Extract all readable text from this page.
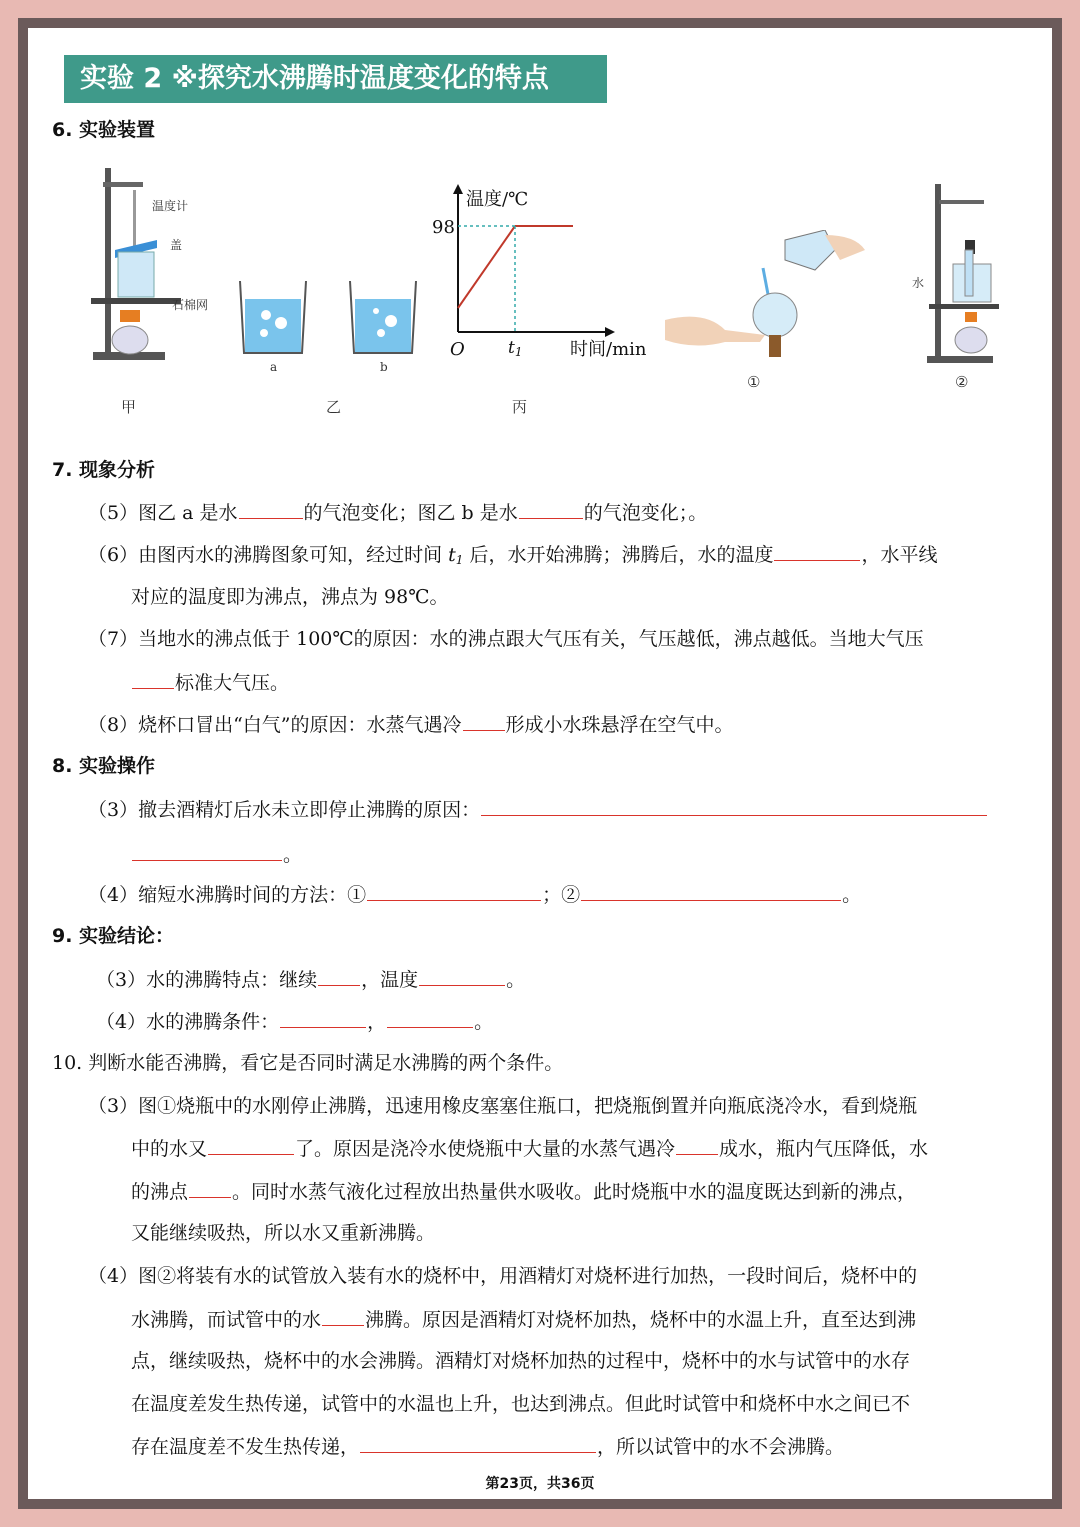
实验 2 ※探究水沸腾时温度变化的特点
6. 实验装置
温度计
盖
石棉网
甲
a	b
乙
温度/℃
98
O	$t_1$	时间/min
丙
①
水
②
7. 现象分析
（5）图乙 a 是水	的气泡变化；图乙 b 是水	的气泡变化；。
（6）由图丙水的沸腾图象可知，经过时间 $t_1$ 后，水开始沸腾；沸腾后，水的温度	，水平线
对应的温度即为沸点，沸点为 98℃。
（7）当地水的沸点低于 100℃的原因：水的沸点跟大气压有关，气压越低，沸点越低。当地大气压
标准大气压。
（8）烧杯口冒出“白气”的原因：水蒸气遇冷 形成小水珠悬浮在空气中。
8. 实验操作
（3）撤去酒精灯后水未立即停止沸腾的原因：
。
（4）缩短水沸腾时间的方法：①	；②	。
9. 实验结论：
（3）水的沸腾特点：继续 ，温度	。
（4）水的沸腾条件：	，	。
10. 判断水能否沸腾，看它是否同时满足水沸腾的两个条件。
（3）图①烧瓶中的水刚停止沸腾，迅速用橡皮塞塞住瓶口，把烧瓶倒置并向瓶底浇冷水，看到烧瓶
中的水又	了。原因是浇冷水使烧瓶中大量的水蒸气遇冷 成水，瓶内气压降低，水
的沸点 。同时水蒸气液化过程放出热量供水吸收。此时烧瓶中水的温度既达到新的沸点，
又能继续吸热，所以水又重新沸腾。
（4）图②将装有水的试管放入装有水的烧杯中，用酒精灯对烧杯进行加热，一段时间后，烧杯中的
水沸腾，而试管中的水 沸腾。原因是酒精灯对烧杯加热，烧杯中的水温上升，直至达到沸
点，继续吸热，烧杯中的水会沸腾。酒精灯对烧杯加热的过程中，烧杯中的水与试管中的水存
在温度差发生热传递，试管中的水温也上升，也达到沸点。但此时试管中和烧杯中水之间已不
存在温度差不发生热传递，	，所以试管中的水不会沸腾。
第23页，共36页
